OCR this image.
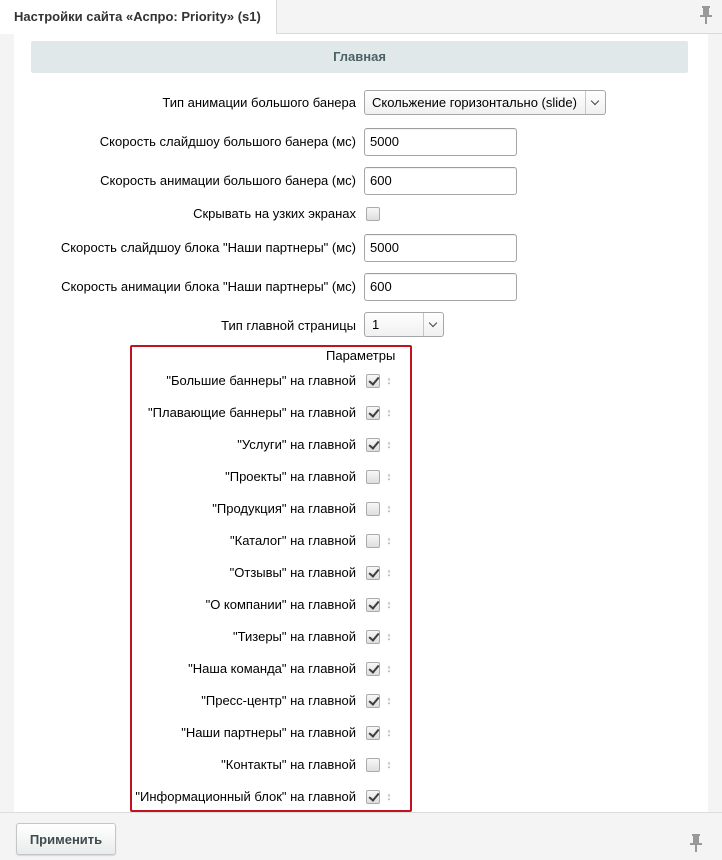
Настройки сайта «Аспро: Priority» (s1)
Главная
Тип анимации большого банера	Скольжение горизонтально (slide)
Скорость слайдшоу большого банера (мс)	5000
Скорость анимации большого банера (мс)	600
Скрывать на узких экранах
Скорость слайдшоу блока "Наши партнеры" (мс)	5000
Скорость анимации блока "Наши партнеры" (мс)	600
Тип главной страницы	1
Параметры
"Большие баннеры" на главной	↕
"Плавающие баннеры" на главной	↕
"Услуги" на главной	↕
"Проекты" на главной	↕
"Продукция" на главной	↕
"Каталог" на главной	↕
"Отзывы" на главной	↕
"О компании" на главной	↕
"Тизеры" на главной	↕
"Наша команда" на главной	↕
"Пресс-центр" на главной	↕
"Наши партнеры" на главной	↕
"Контакты" на главной	↕
"Информационный блок" на главной	↕
Применить
